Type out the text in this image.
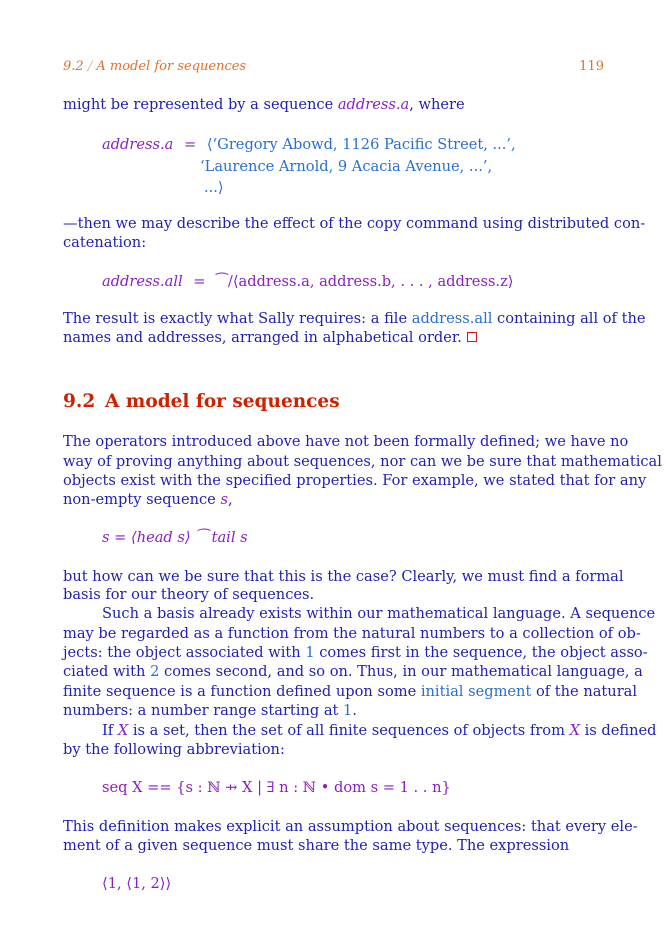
9.2 / A model for sequences	119
might be represented by a sequence address.a, where
address.a = ⟨‘Gregory Abowd, 1126 Pacific Street, ...’,
‘Laurence Arnold, 9 Acacia Avenue, ...’,
...⟩
—then we may describe the effect of the copy command using distributed con-
catenation:
address.all = ⁀/⟨address.a, address.b, . . . , address.z⟩
The result is exactly what Sally requires: a file address.all containing all of the
names and addresses, arranged in alphabetical order.
9.2 A model for sequences
The operators introduced above have not been formally defined; we have no
way of proving anything about sequences, nor can we be sure that mathematical
objects exist with the specified properties. For example, we stated that for any
non-empty sequence s,
s = ⟨head s⟩ ⁀ tail s
but how can we be sure that this is the case? Clearly, we must find a formal
basis for our theory of sequences.
Such a basis already exists within our mathematical language. A sequence
may be regarded as a function from the natural numbers to a collection of ob-
jects: the object associated with 1 comes first in the sequence, the object asso-
ciated with 2 comes second, and so on. Thus, in our mathematical language, a
finite sequence is a function defined upon some initial segment of the natural
numbers: a number range starting at 1.
If X is a set, then the set of all finite sequences of objects from X is defined
by the following abbreviation:
seq X == {s : ℕ ⇸ X | ∃ n : ℕ • dom s = 1 . . n}
This definition makes explicit an assumption about sequences: that every ele-
ment of a given sequence must share the same type. The expression
⟨1, ⟨1, 2⟩⟩
